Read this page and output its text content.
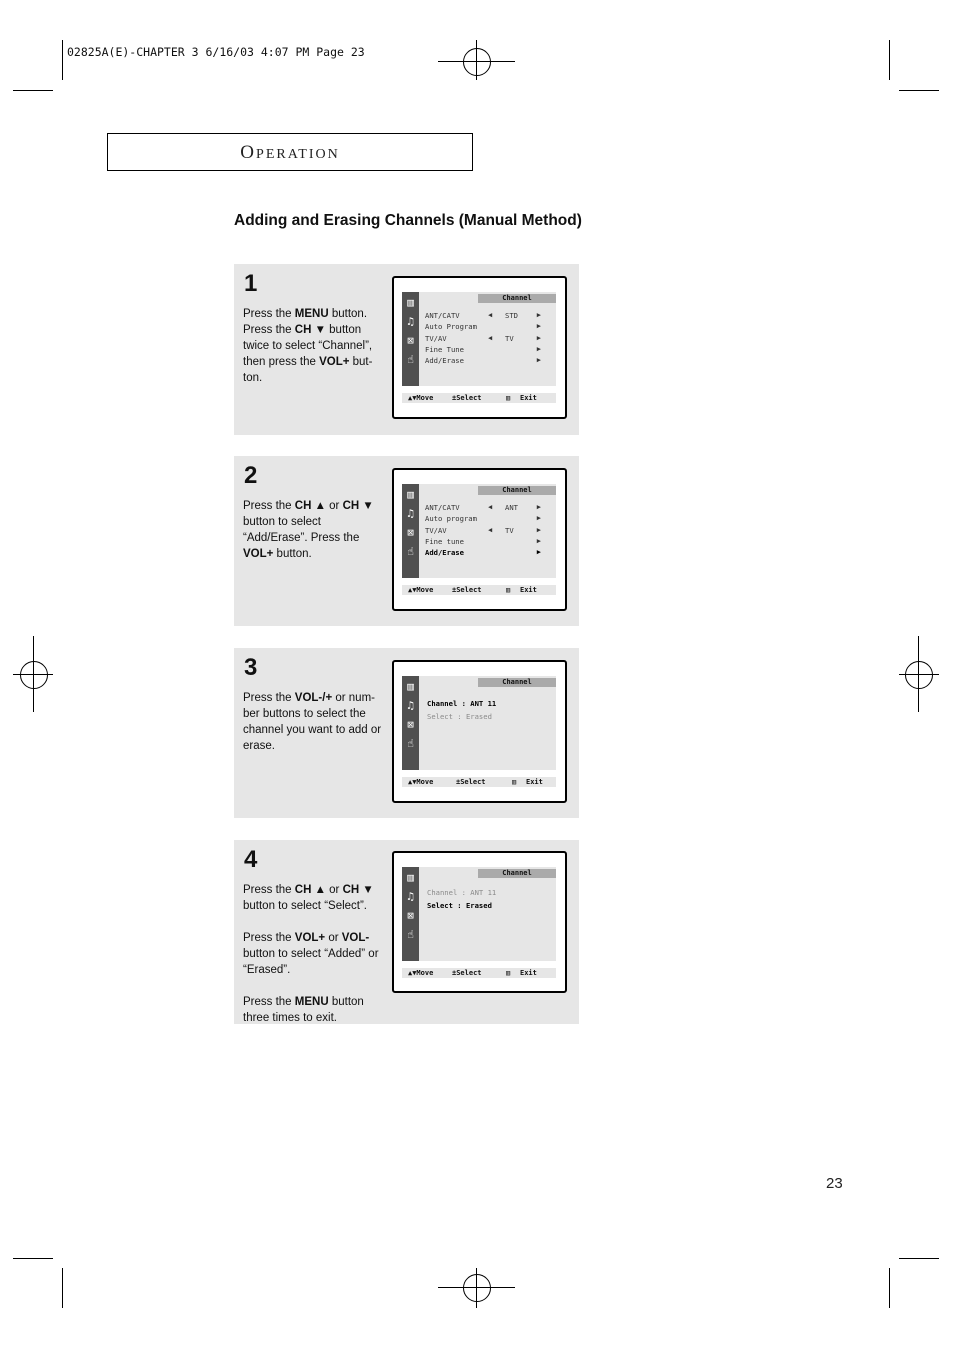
02825A(E)-CHAPTER 3 6/16/03 4:07 PM Page 23
OPERATION
Adding and Erasing Channels (Manual Method)
1
Press the MENU button. Press the CH ▼ button twice to select “Channel”, then press the VOL+ but-ton.
▥
♫
⊠
☝
Channel
ANT/CATV	◀ STD	▶
Auto Program	▶
TV/AV	◀ TV	▶
Fine Tune	▶
Add/Erase	▶
▲▼Move	±Select	▥ Exit
2
Press the CH ▲ or CH ▼ button to select “Add/Erase”. Press the VOL+ button.
▥
♫
⊠
☝
Channel
ANT/CATV	◀ ANT	▶
Auto program	▶
TV/AV	◀ TV	▶
Fine tune	▶
Add/Erase	▶
▲▼Move	±Select	▥ Exit
3
Press the VOL-/+ or num-ber buttons to select the channel you want to add or erase.
▥
♫
⊠
☝
Channel
Channel : ANT 11
Select : Erased
▲▼Move	±Select	▥ Exit
4

Press the CH ▲ or CH ▼ button to select “Select”.

Press the VOL+ or VOL- button to select “Added” or “Erased”.

Press the MENU button three times to exit.

▥
♫
⊠
☝
Channel
Channel : ANT 11
Select : Erased
▲▼Move	±Select	▥ Exit
23
